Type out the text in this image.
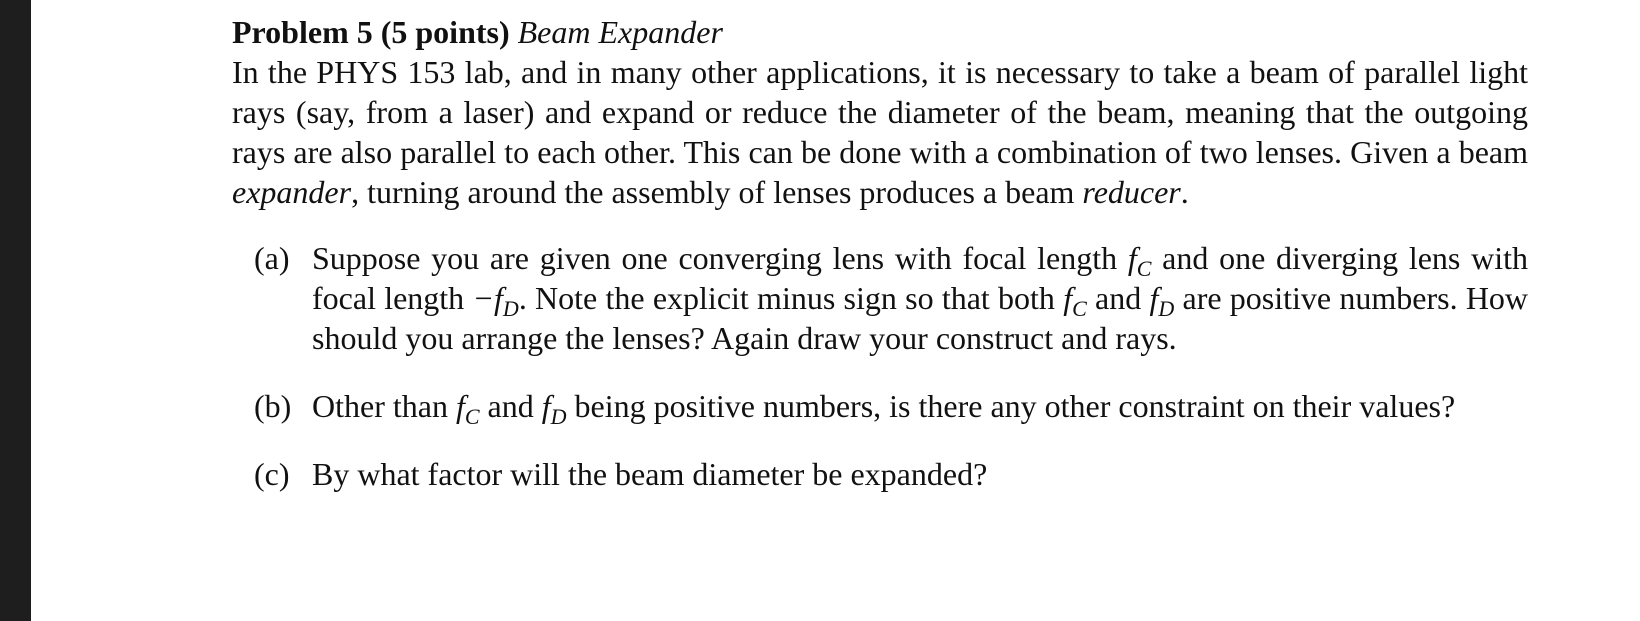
Problem 5 (5 points) Beam Expander

In the PHYS 153 lab, and in many other applications, it is necessary to take a beam of parallel light rays (say, from a laser) and expand or reduce the diameter of the beam, meaning that the outgoing rays are also parallel to each other. This can be done with a combination of two lenses. Given a beam expander, turning around the assembly of lenses produces a beam reducer.

(a) Suppose you are given one converging lens with focal length $f_C$ and one diverging lens with focal length $-f_D$. Note the explicit minus sign so that both $f_C$ and $f_D$ are positive numbers. How should you arrange the lenses? Again draw your construct and rays.
(b) Other than $f_C$ and $f_D$ being positive numbers, is there any other constraint on their values?
(c) By what factor will the beam diameter be expanded?
